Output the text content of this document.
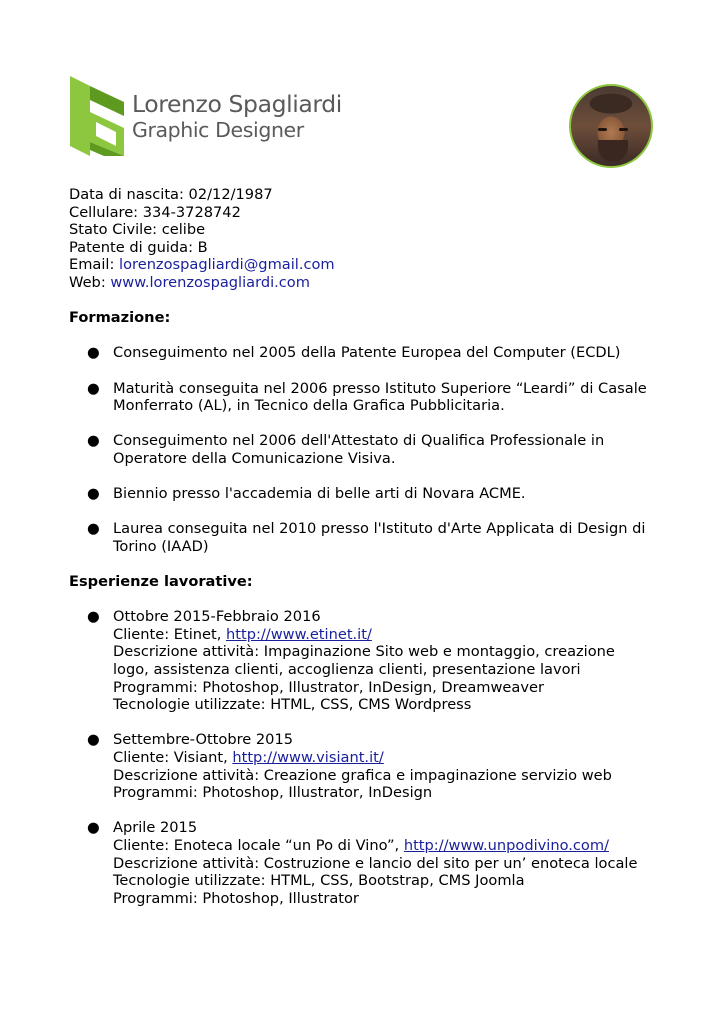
Lorenzo Spagliardi
Graphic Designer
Data di nascita: 02/12/1987
Cellulare: 334-3728742
Stato Civile: celibe
Patente di guida: B
Email: lorenzospagliardi@gmail.com
Web: www.lorenzospagliardi.com
Formazione:
● Conseguimento nel 2005 della Patente Europea del Computer (ECDL)
● Maturità conseguita nel 2006 presso Istituto Superiore “Leardi” di Casale
Monferrato (AL), in Tecnico della Grafica Pubblicitaria.
● Conseguimento nel 2006 dell'Attestato di Qualifica Professionale in
Operatore della Comunicazione Visiva.
● Biennio presso l'accademia di belle arti di Novara ACME.
● Laurea conseguita nel 2010 presso l'Istituto d'Arte Applicata di Design di
Torino (IAAD)
Esperienze lavorative:
● Ottobre 2015-Febbraio 2016
Cliente: Etinet, http://www.etinet.it/
Descrizione attività: Impaginazione Sito web e montaggio, creazione
logo, assistenza clienti, accoglienza clienti, presentazione lavori
Programmi: Photoshop, Illustrator, InDesign, Dreamweaver
Tecnologie utilizzate: HTML, CSS, CMS Wordpress
● Settembre-Ottobre 2015
Cliente: Visiant, http://www.visiant.it/
Descrizione attività: Creazione grafica e impaginazione servizio web
Programmi: Photoshop, Illustrator, InDesign
● Aprile 2015
Cliente: Enoteca locale “un Po di Vino”, http://www.unpodivino.com/
Descrizione attività: Costruzione e lancio del sito per un’ enoteca locale
Tecnologie utilizzate: HTML, CSS, Bootstrap, CMS Joomla
Programmi: Photoshop, Illustrator
